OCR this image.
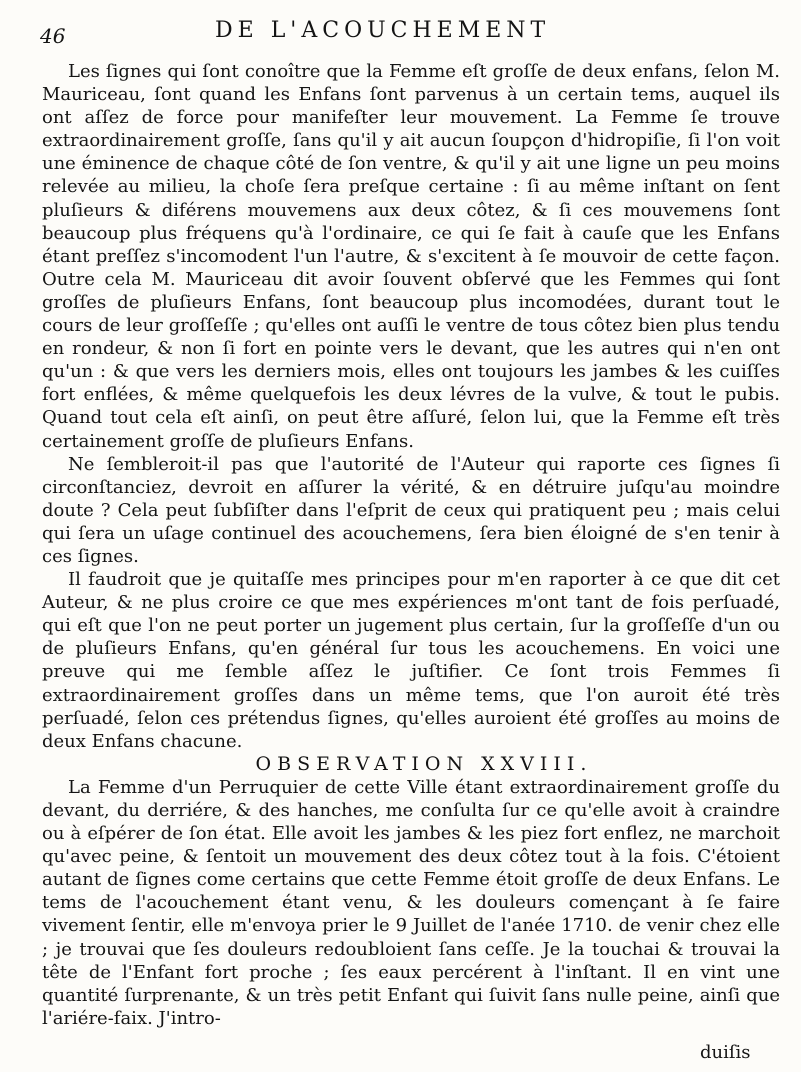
46	DE L'ACOUCHEMENT

Les ſignes qui ſont conoître que la Femme eſt groſſe de deux enfans, ſelon M. Mauriceau, ſont quand les Enfans ſont parvenus à un certain tems, auquel ils ont aſſez de force pour manifeſter leur mouvement. La Femme ſe trouve extraordinairement groſſe, ſans qu'il y ait aucun ſoupçon d'hidropiſie, ſi l'on voit une éminence de chaque côté de ſon ventre, & qu'il y ait une ligne un peu moins relevée au milieu, la choſe ſera preſque certaine : ſi au même inſtant on ſent pluſieurs & diférens mouvemens aux deux côtez, & ſi ces mouvemens ſont beaucoup plus fréquens qu'à l'ordinaire, ce qui ſe fait à cauſe que les Enfans étant preſſez s'incomodent l'un l'autre, & s'excitent à ſe mouvoir de cette façon. Outre cela M. Mauriceau dit avoir ſouvent obſervé que les Femmes qui ſont groſſes de pluſieurs Enfans, ſont beaucoup plus incomodées, durant tout le cours de leur groſſeſſe ; qu'elles ont auſſi le ventre de tous côtez bien plus tendu en rondeur, & non ſi fort en pointe vers le devant, que les autres qui n'en ont qu'un : & que vers les derniers mois, elles ont toujours les jambes & les cuiſſes fort enflées, & même quelquefois les deux lévres de la vulve, & tout le pubis. Quand tout cela eſt ainſi, on peut être aſſuré, ſelon lui, que la Femme eſt très certainement groſſe de pluſieurs Enfans.

Ne ſembleroit-il pas que l'autorité de l'Auteur qui raporte ces ſignes ſi circonſtanciez, devroit en aſſurer la vérité, & en détruire juſqu'au moindre doute ? Cela peut ſubſiſter dans l'eſprit de ceux qui pratiquent peu ; mais celui qui ſera un uſage continuel des acouchemens, ſera bien éloigné de s'en tenir à ces ſignes.

Il faudroit que je quitaſſe mes principes pour m'en raporter à ce que dit cet Auteur, & ne plus croire ce que mes expériences m'ont tant de fois perſuadé, qui eſt que l'on ne peut porter un jugement plus certain, ſur la groſſeſſe d'un ou de pluſieurs Enfans, qu'en général ſur tous les acouchemens. En voici une preuve qui me ſemble aſſez le juſtifier. Ce ſont trois Femmes ſi extraordinairement groſſes dans un même tems, que l'on auroit été très perſuadé, ſelon ces prétendus ſignes, qu'elles auroient été groſſes au moins de deux Enfans chacune.

OBSERVATION XXVIII.

La Femme d'un Perruquier de cette Ville étant extraordinairement groſſe du devant, du derriére, & des hanches, me conſulta ſur ce qu'elle avoit à craindre ou à eſpérer de ſon état. Elle avoit les jambes & les piez fort enflez, ne marchoit qu'avec peine, & ſentoit un mouvement des deux côtez tout à la fois. C'étoient autant de ſignes come certains que cette Femme étoit groſſe de deux Enfans. Le tems de l'acouchement étant venu, & les douleurs començant à ſe faire vivement ſentir, elle m'envoya prier le 9 Juillet de l'anée 1710. de venir chez elle ; je trouvai que ſes douleurs redoubloient ſans ceſſe. Je la touchai & trouvai la tête de l'Enfant fort proche ; ſes eaux percérent à l'inſtant. Il en vint une quantité ſurprenante, & un très petit Enfant qui ſuivit ſans nulle peine, ainſi que l'ariére-faix. J'intro-

duiſis
